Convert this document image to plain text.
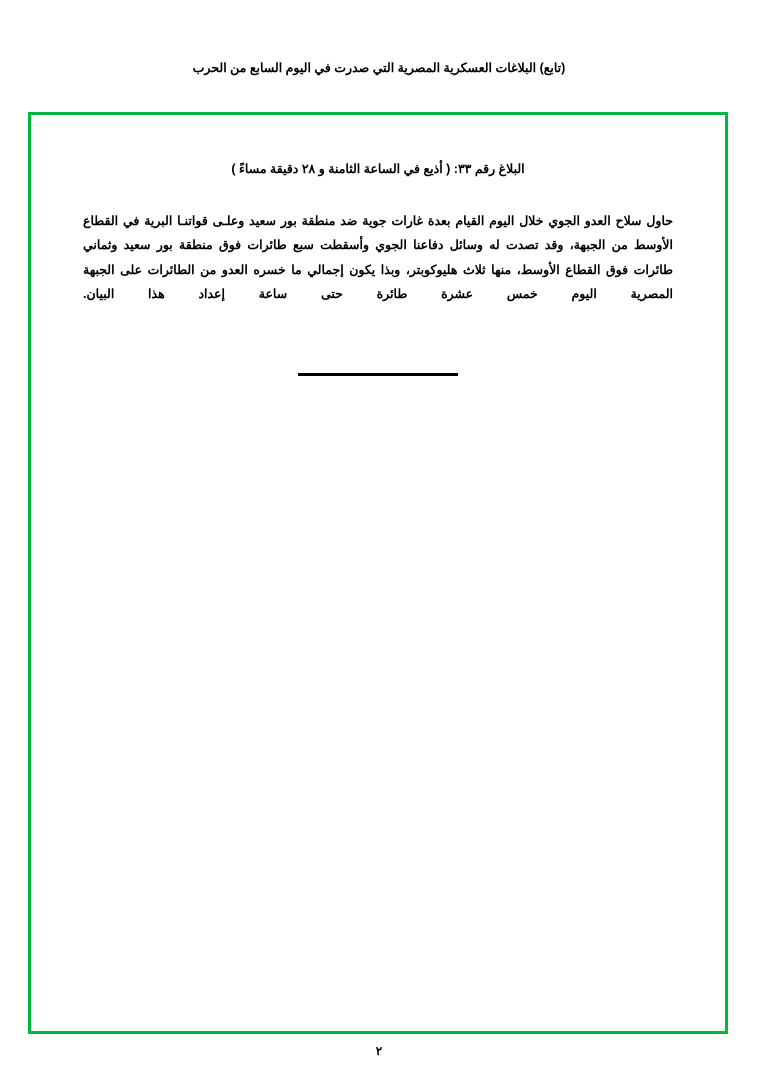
(تابع) البلاغات العسكرية المصرية التي صدرت في اليوم السابع من الحرب

البلاغ رقم ٣٣: ( أذيع في الساعة الثامنة و ٢٨ دقيقة مساءً )

حاول سلاح العدو الجوي خلال اليوم القيام بعدة غارات جوية ضد منطقة بور سعيد وعلـى قواتنـا البرية في القطاع الأوسط من الجبهة، وقد تصدت له وسائل دفاعنا الجوي وأسقطت سبع طائرات فوق منطقة بور سعيد وثماني طائرات فوق القطاع الأوسط، منها ثلاث هليوكوبتر، وبذا يكون إجمالي ما خسره العدو من الطائرات على الجبهة المصرية اليوم خمس عشرة طائرة حتى ساعة إعداد هذا البيان.

٢
